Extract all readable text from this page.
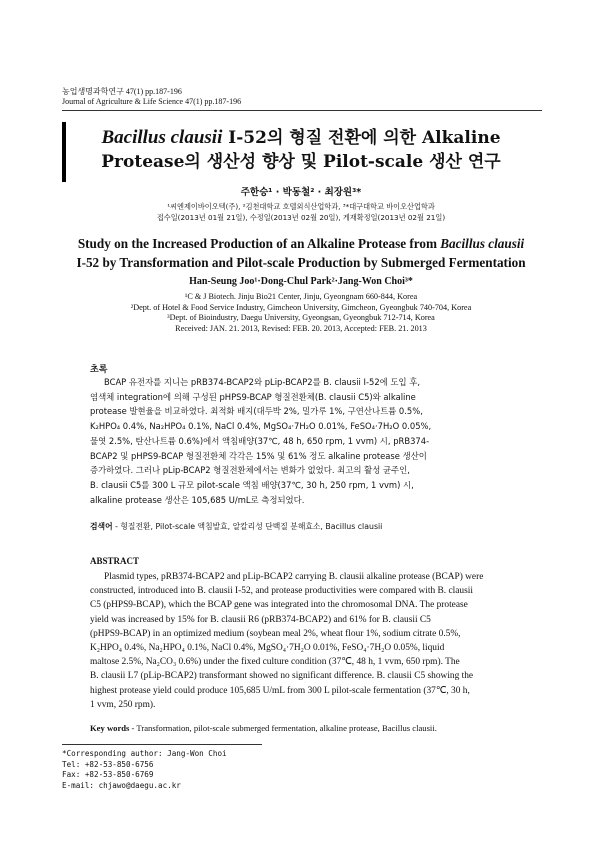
농업생명과학연구 47(1) pp.187-196
Journal of Agriculture & Life Science 47(1) pp.187-196
Bacillus clausii I-52의 형질 전환에 의한 Alkaline
Protease의 생산성 향상 및 Pilot-scale 생산 연구
주한승¹ · 박동철² · 최장원³*
¹씨엔제이바이오텍(주), ²김천대학교 호텔외식산업학과, ³*대구대학교 바이오산업학과
접수일(2013년 01월 21일), 수정일(2013년 02월 20일), 게재확정일(2013년 02월 21일)
Study on the Increased Production of an Alkaline Protease from Bacillus clausii
I-52 by Transformation and Pilot-scale Production by Submerged Fermentation
Han-Seung Joo¹·Dong-Chul Park²·Jang-Won Choi³*
¹C & J Biotech. Jinju Bio21 Center, Jinju, Gyeongnam 660-844, Korea
²Dept. of Hotel & Food Service Industry, Gimcheon University, Gimcheon, Gyeongbuk 740-704, Korea
³Dept. of Bioindustry, Daegu University, Gyeongsan, Gyeongbuk 712-714, Korea
Received: JAN. 21. 2013, Revised: FEB. 20. 2013, Accepted: FEB. 21. 2013
초록
BCAP 유전자를 지니는 pRB374-BCAP2와 pLip-BCAP2를 B. clausii I-52에 도입 후,
염색체 integration에 의해 구성된 pHPS9-BCAP 형질전환체(B. clausii C5)와 alkaline
protease 발현율을 비교하였다. 최적화 배지(대두박 2%, 밀가루 1%, 구연산나트륨 0.5%,
K₂HPO₄ 0.4%, Na₂HPO₄ 0.1%, NaCl 0.4%, MgSO₄·7H₂O 0.01%, FeSO₄·7H₂O 0.05%,
물엿 2.5%, 탄산나트륨 0.6%)에서 액침배양(37℃, 48 h, 650 rpm, 1 vvm) 시, pRB374-
BCAP2 및 pHPS9-BCAP 형질전환체 각각은 15% 및 61% 정도 alkaline protease 생산이
증가하였다. 그러나 pLip-BCAP2 형질전환체에서는 변화가 없었다. 최고의 활성 균주인,
B. clausii C5를 300 L 규모 pilot-scale 액침 배양(37℃, 30 h, 250 rpm, 1 vvm) 시,
alkaline protease 생산은 105,685 U/mL로 측정되었다.
검색어 - 형질전환, Pilot-scale 액침발효, 알칼리성 단백질 분해효소, Bacillus clausii
ABSTRACT
Plasmid types, pRB374-BCAP2 and pLip-BCAP2 carrying B. clausii alkaline protease (BCAP) were
constructed, introduced into B. clausii I-52, and protease productivities were compared with B. clausii
C5 (pHPS9-BCAP), which the BCAP gene was integrated into the chromosomal DNA. The protease
yield was increased by 15% for B. clausii R6 (pRB374-BCAP2) and 61% for B. clausii C5
(pHPS9-BCAP) in an optimized medium (soybean meal 2%, wheat flour 1%, sodium citrate 0.5%,
K₂HPO₄ 0.4%, Na₂HPO₄ 0.1%, NaCl 0.4%, MgSO₄·7H₂O 0.01%, FeSO₄·7H₂O 0.05%, liquid
maltose 2.5%, Na₂CO₃ 0.6%) under the fixed culture condition (37℃, 48 h, 1 vvm, 650 rpm). The
B. clausii L7 (pLip-BCAP2) transformant showed no significant difference. B. clausii C5 showing the
highest protease yield could produce 105,685 U/mL from 300 L pilot-scale fermentation (37℃, 30 h,
1 vvm, 250 rpm).
Key words - Transformation, pilot-scale submerged fermentation, alkaline protease, Bacillus clausii.
*Corresponding author: Jang-Won Choi
Tel: +82-53-850-6756
Fax: +82-53-850-6769
E-mail: chjawo@daegu.ac.kr
